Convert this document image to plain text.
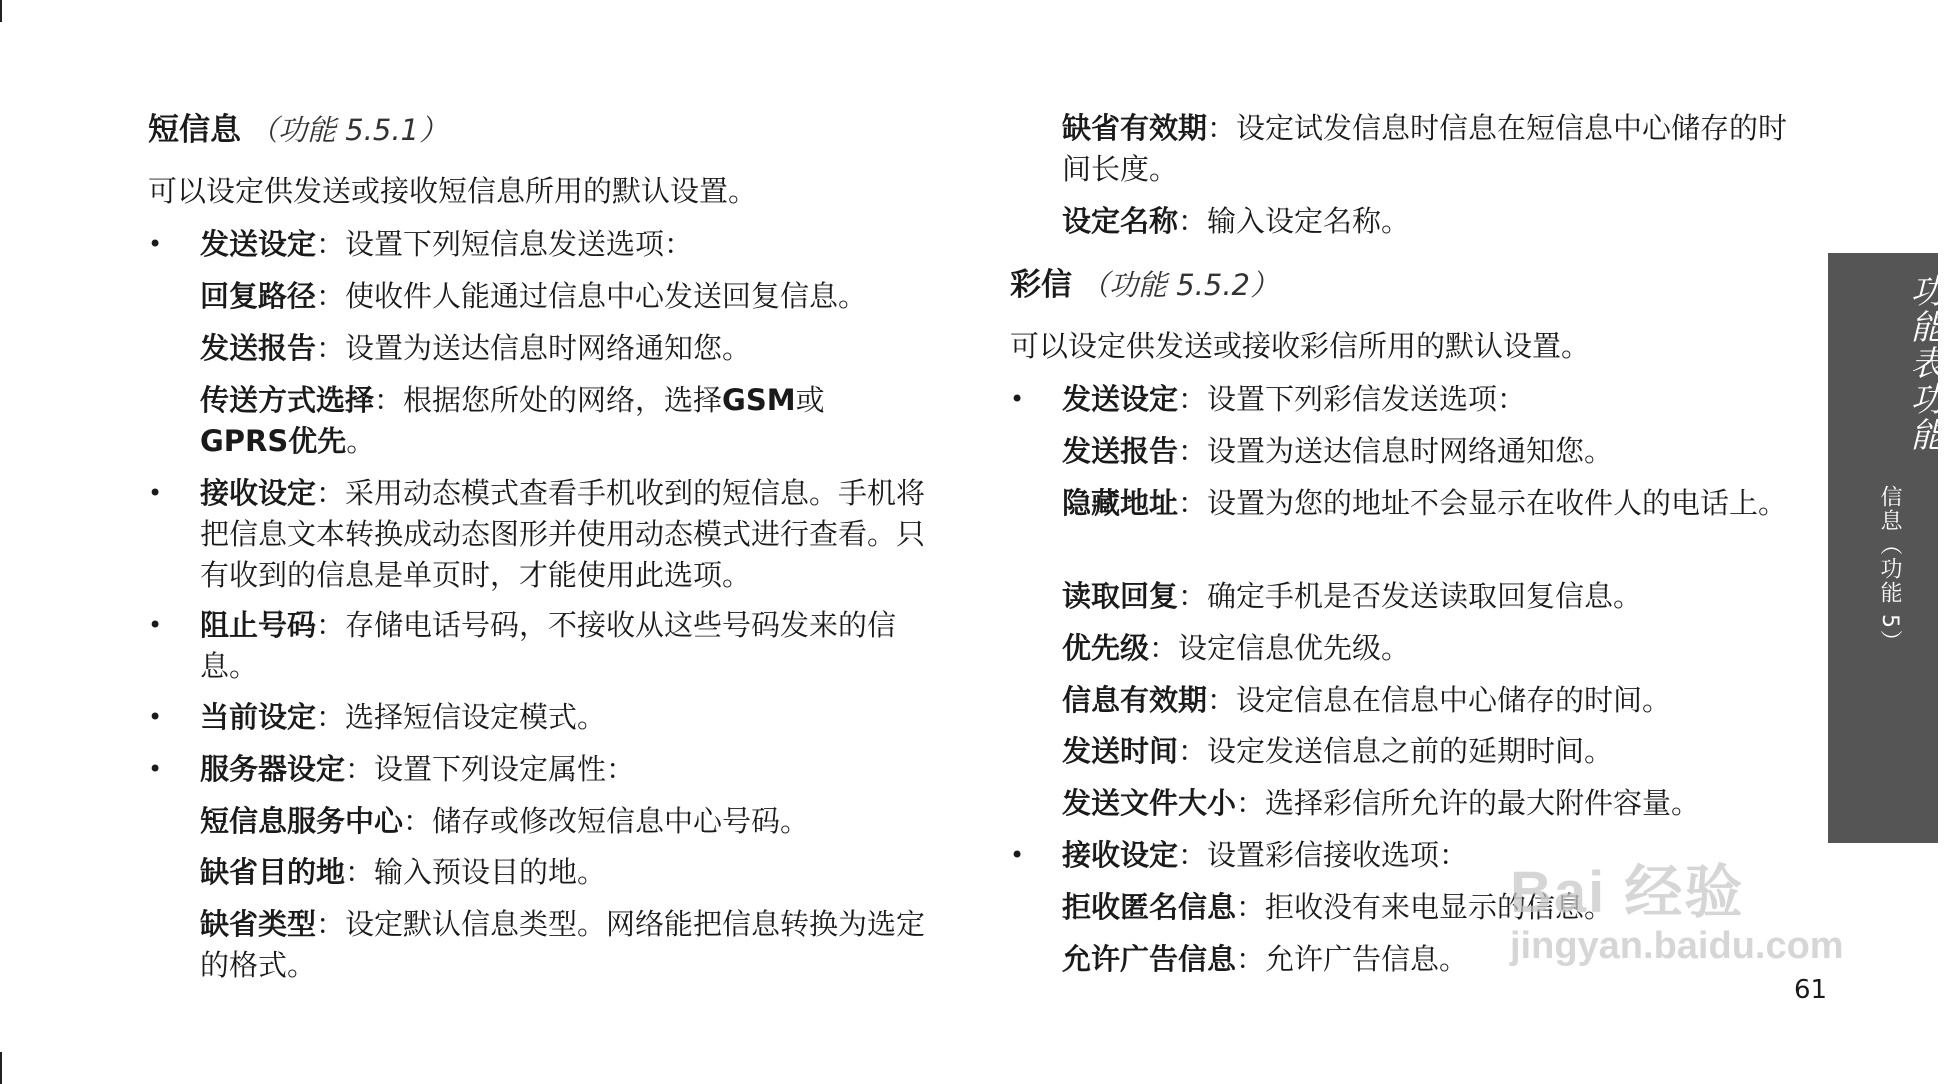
短信息 （功能 5.5.1）
可以设定供发送或接收短信息所用的默认设置。
• 发送设定：设置下列短信息发送选项：
回复路径：使收件人能通过信息中心发送回复信息。
发送报告：设置为送达信息时网络通知您。
传送方式选择：根据您所处的网络，选择GSM或GPRS优先。
• 接收设定：采用动态模式查看手机收到的短信息。手机将把信息文本转换成动态图形并使用动态模式进行查看。只有收到的信息是单页时，才能使用此选项。
• 阻止号码：存储电话号码，不接收从这些号码发来的信息。
• 当前设定：选择短信设定模式。
• 服务器设定：设置下列设定属性：
短信息服务中心：储存或修改短信息中心号码。
缺省目的地：输入预设目的地。
缺省类型：设定默认信息类型。网络能把信息转换为选定的格式。
缺省有效期：设定试发信息时信息在短信息中心储存的时间长度。
设定名称：输入设定名称。
彩信 （功能 5.5.2）
可以设定供发送或接收彩信所用的默认设置。
• 发送设定：设置下列彩信发送选项：
发送报告：设置为送达信息时网络通知您。
隐藏地址：设置为您的地址不会显示在收件人的电话上。
读取回复：确定手机是否发送读取回复信息。
优先级：设定信息优先级。
信息有效期：设定信息在信息中心储存的时间。
发送时间：设定发送信息之前的延期时间。
发送文件大小：选择彩信所允许的最大附件容量。
• 接收设定：设置彩信接收选项：
拒收匿名信息：拒收没有来电显示的信息。
允许广告信息：允许广告信息。
功能表功能
信息（功能 5）
61
Bai 经验
jingyan.baidu.com
